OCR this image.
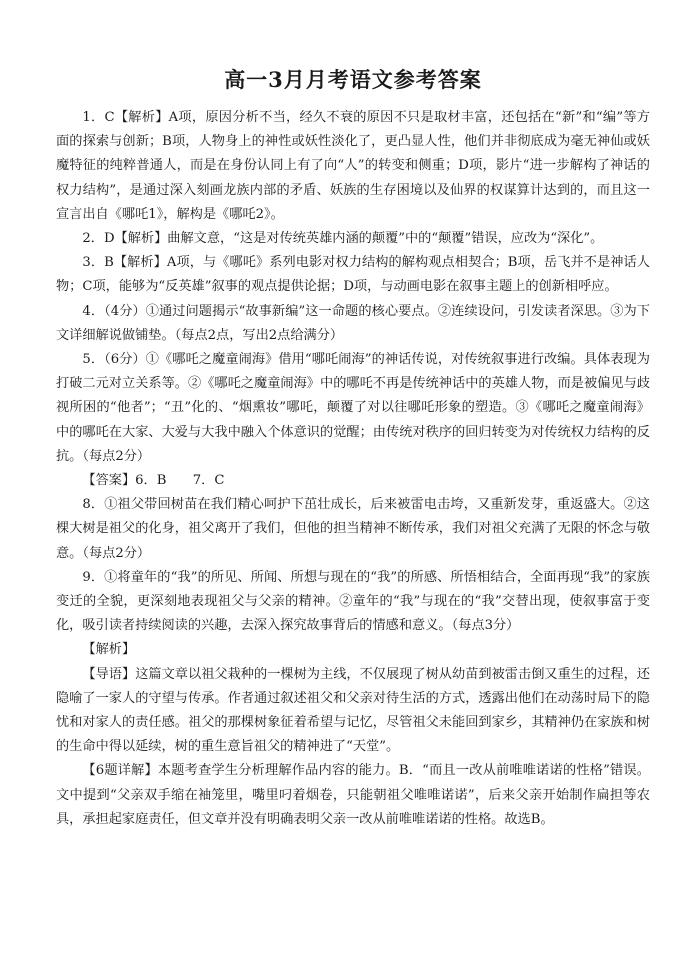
高一3月月考语文参考答案

1．C【解析】A项，原因分析不当，经久不衰的原因不只是取材丰富，还包括在“新”和“编”等方面的探索与创新；B项，人物身上的神性或妖性淡化了，更凸显人性，他们并非彻底成为毫无神仙或妖魔特征的纯粹普通人，而是在身份认同上有了向“人”的转变和侧重；D项，影片“进一步解构了神话的权力结构”，是通过深入刻画龙族内部的矛盾、妖族的生存困境以及仙界的权谋算计达到的，而且这一宣言出自《哪吒1》，解构是《哪吒2》。

2．D【解析】曲解文意，“这是对传统英雄内涵的颠覆”中的“颠覆”错误，应改为“深化”。

3．B【解析】A项，与《哪吒》系列电影对权力结构的解构观点相契合；B项，岳飞并不是神话人物；C项，能够为“反英雄”叙事的观点提供论据；D项，与动画电影在叙事主题上的创新相呼应。

4．（4分）①通过问题揭示“故事新编”这一命题的核心要点。②连续设问，引发读者深思。③为下文详细解说做铺垫。（每点2点，写出2点给满分）

5．（6分）①《哪吒之魔童闹海》借用“哪吒闹海”的神话传说，对传统叙事进行改编。具体表现为打破二元对立关系等。②《哪吒之魔童闹海》中的哪吒不再是传统神话中的英雄人物，而是被偏见与歧视所困的“他者”；“丑”化的、“烟熏妆”哪吒，颠覆了对以往哪吒形象的塑造。③《哪吒之魔童闹海》中的哪吒在大家、大爱与大我中融入个体意识的觉醒；由传统对秩序的回归转变为对传统权力结构的反抗。（每点2分）

【答案】6．B　　7．C

8．①祖父带回树苗在我们精心呵护下茁壮成长，后来被雷电击垮，又重新发芽，重返盛大。②这棵大树是祖父的化身，祖父离开了我们，但他的担当精神不断传承，我们对祖父充满了无限的怀念与敬意。（每点2分）

9．①将童年的“我”的所见、所闻、所想与现在的“我”的所感、所悟相结合，全面再现“我”的家族变迁的全貌，更深刻地表现祖父与父亲的精神。②童年的“我”与现在的“我”交替出现，使叙事富于变化，吸引读者持续阅读的兴趣，去深入探究故事背后的情感和意义。（每点3分）

【解析】

【导语】这篇文章以祖父栽种的一棵树为主线，不仅展现了树从幼苗到被雷击倒又重生的过程，还隐喻了一家人的守望与传承。作者通过叙述祖父和父亲对待生活的方式，透露出他们在动荡时局下的隐忧和对家人的责任感。祖父的那棵树象征着希望与记忆，尽管祖父未能回到家乡，其精神仍在家族和树的生命中得以延续，树的重生意旨祖父的精神进了“天堂”。

【6题详解】本题考查学生分析理解作品内容的能力。B．“而且一改从前唯唯诺诺的性格”错误。文中提到“父亲双手缩在袖笼里，嘴里叼着烟卷，只能朝祖父唯唯诺诺”，后来父亲开始制作扁担等农具，承担起家庭责任，但文章并没有明确表明父亲一改从前唯唯诺诺的性格。故选B。
